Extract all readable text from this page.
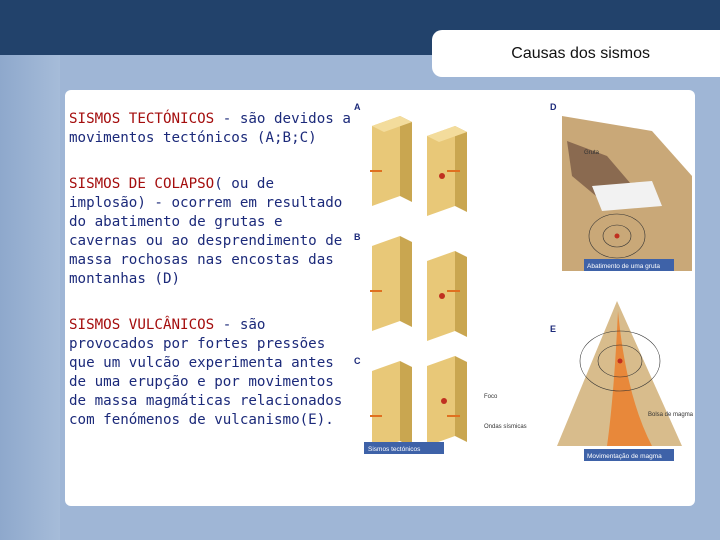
Causas dos sismos

SISMOS TECTÓNICOS - são devidos a movimentos tectónicos (A;B;C)

SISMOS DE COLAPSO( ou de implosão) - ocorrem em resultado do abatimento de grutas e cavernas ou ao desprendimento de massa rochosas nas encostas das montanhas (D)

SISMOS VULCÂNICOS - são provocados por fortes pressões que um vulcão experimenta antes de uma erupção e por movimentos de massa magmáticas relacionados com fenómenos de vulcanismo(E).

A
B
C
D
E
Foco
Ondas sísmicas
Sismos tectónicos
Gruta
Abatimento de uma gruta
Bolsa de magma
Movimentação de magma
